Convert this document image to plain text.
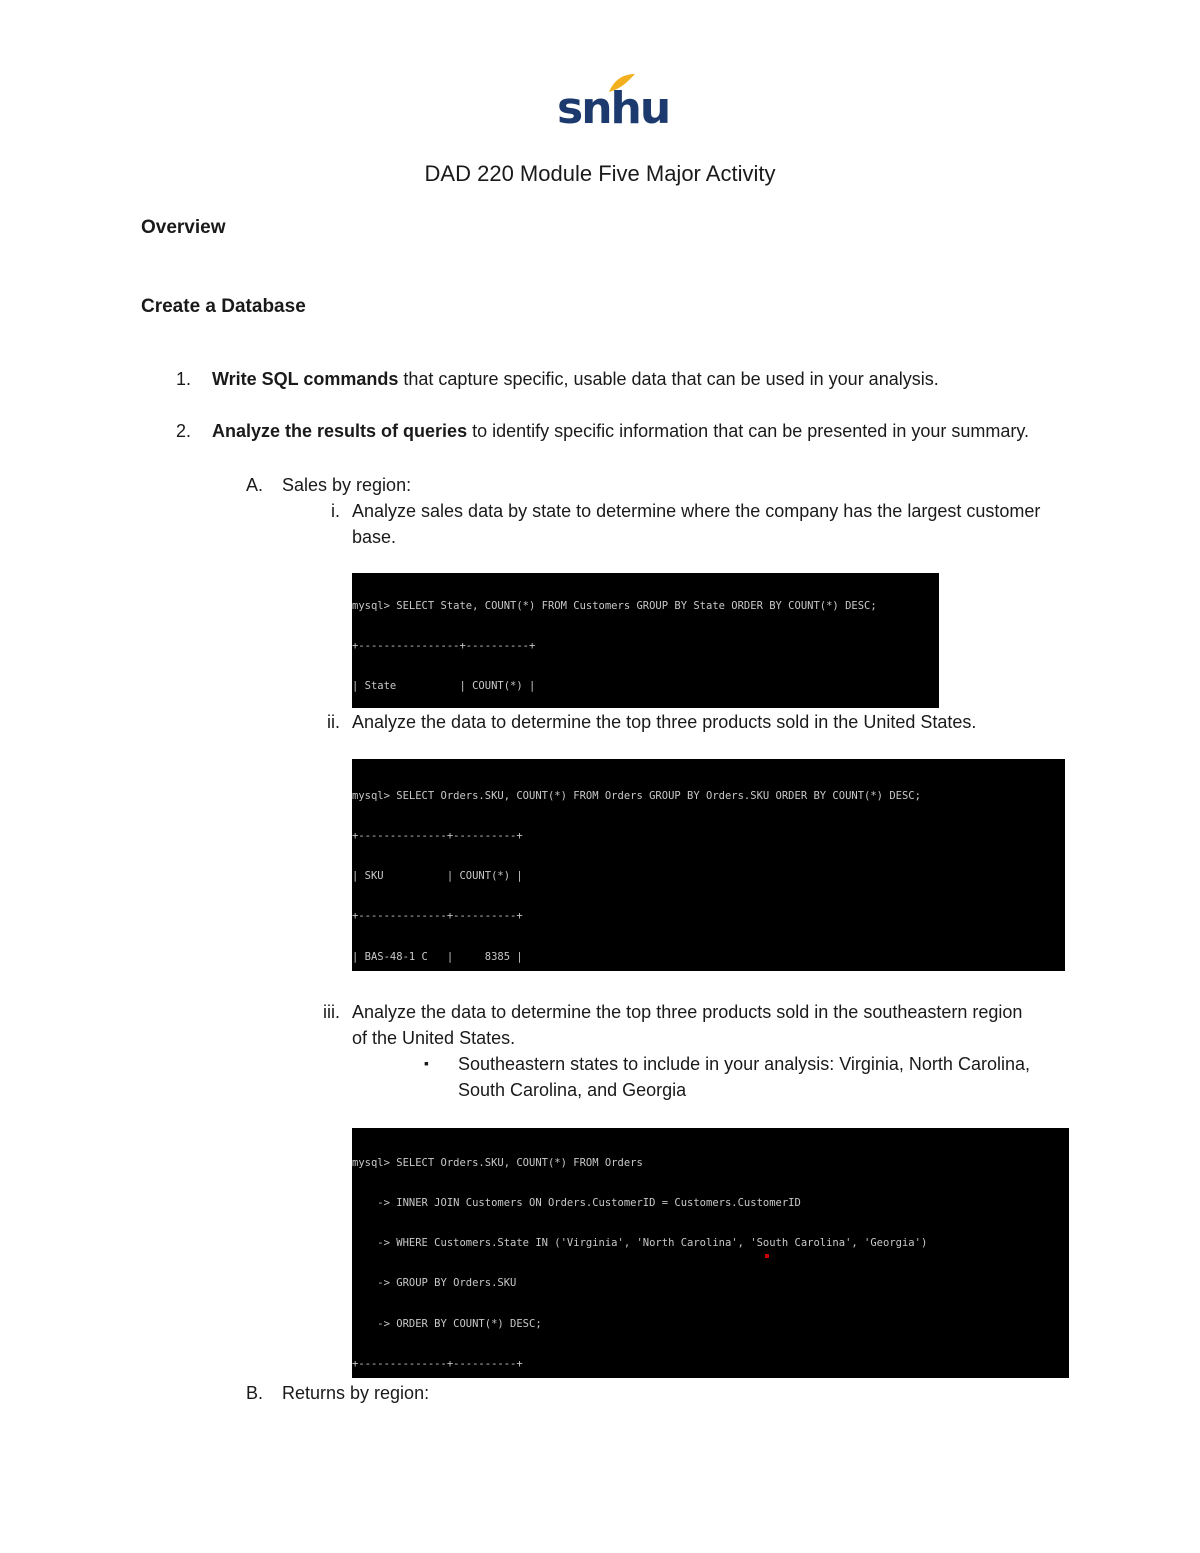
snhu
DAD 220 Module Five Major Activity
Overview
Create a Database
1.	Write SQL commands that capture specific, usable data that can be used in your analysis.
2.	Analyze the results of queries to identify specific information that can be presented in your summary.
A.	Sales by region:
i. Analyze sales data by state to determine where the company has the largest customer base.

mysql> SELECT State, COUNT(*) FROM Customers GROUP BY State ORDER BY COUNT(*) DESC;

+----------------+----------+

| State          | COUNT(*) |

ii. Analyze the data to determine the top three products sold in the United States.

mysql> SELECT Orders.SKU, COUNT(*) FROM Orders GROUP BY Orders.SKU ORDER BY COUNT(*) DESC;

+--------------+----------+

| SKU          | COUNT(*) |

+--------------+----------+

| BAS-48-1 C   |     8385 |

iii. Analyze the data to determine the top three products sold in the southeastern region of the United States.
▪ Southeastern states to include in your analysis: Virginia, North Carolina, South Carolina, and Georgia

mysql> SELECT Orders.SKU, COUNT(*) FROM Orders

-> INNER JOIN Customers ON Orders.CustomerID = Customers.CustomerID

-> WHERE Customers.State IN ('Virginia', 'North Carolina', 'South Carolina', 'Georgia')

-> GROUP BY Orders.SKU

-> ORDER BY COUNT(*) DESC;

+--------------+----------+

B.	Returns by region:
